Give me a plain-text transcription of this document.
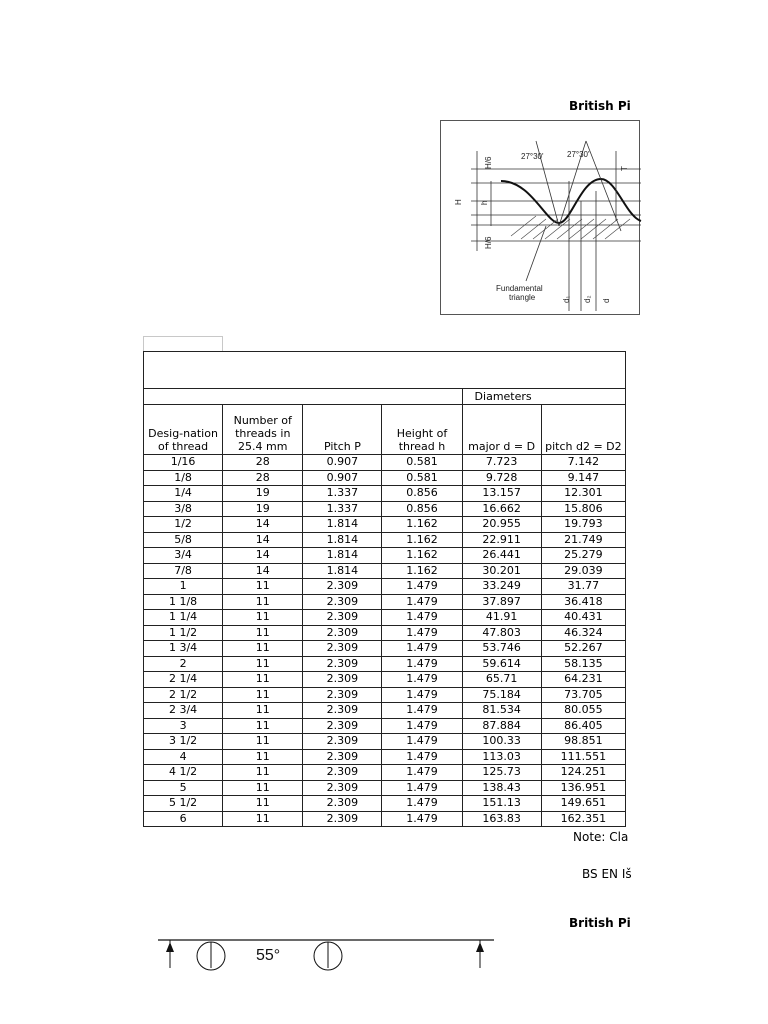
British Pi
27°30'	27°30'
H/6
H/6
H h
T
Fundamental
triangle	d₁ d₂ d

				Diameters	
Desig-nation of thread	Number of threads in 25.4 mm	Pitch P	Height of thread h	major d = D	pitch d2 = D2
1/16	28	0.907	0.581	7.723	7.142
1/8	28	0.907	0.581	9.728	9.147
1/4	19	1.337	0.856	13.157	12.301
3/8	19	1.337	0.856	16.662	15.806
1/2	14	1.814	1.162	20.955	19.793
5/8	14	1.814	1.162	22.911	21.749
3/4	14	1.814	1.162	26.441	25.279
7/8	14	1.814	1.162	30.201	29.039
1	11	2.309	1.479	33.249	31.77
1 1/8	11	2.309	1.479	37.897	36.418
1 1/4	11	2.309	1.479	41.91	40.431
1 1/2	11	2.309	1.479	47.803	46.324
1 3/4	11	2.309	1.479	53.746	52.267
2	11	2.309	1.479	59.614	58.135
2 1/4	11	2.309	1.479	65.71	64.231
2 1/2	11	2.309	1.479	75.184	73.705
2 3/4	11	2.309	1.479	81.534	80.055
3	11	2.309	1.479	87.884	86.405
3 1/2	11	2.309	1.479	100.33	98.851
4	11	2.309	1.479	113.03	111.551
4 1/2	11	2.309	1.479	125.73	124.251
5	11	2.309	1.479	138.43	136.951
5 1/2	11	2.309	1.479	151.13	149.651
6	11	2.309	1.479	163.83	162.351
Note: Cla
BS EN Iš
British Pi
55°
